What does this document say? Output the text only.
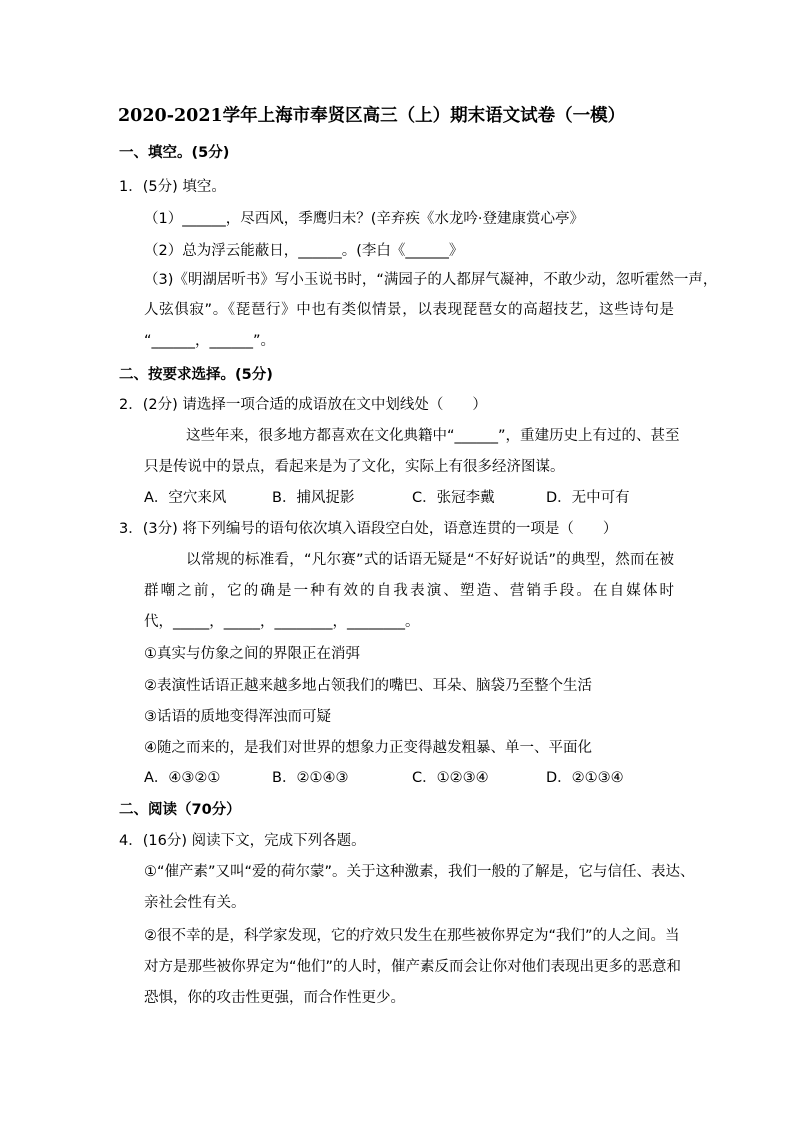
2020-2021学年上海市奉贤区高三（上）期末语文试卷（一模）
一、填空。(5分)
1．(5分) 填空。
（1）______，尽西风，季鹰归未？(辛弃疾《水龙吟·登建康赏心亭》
（2）总为浮云能蔽日，______。(李白《______》
（3)《明湖居听书》写小玉说书时，“满园子的人都屏气凝神，不敢少动，忽听霍然一声，
人弦俱寂”。《琵琶行》中也有类似情景，以表现琵琶女的高超技艺，这些诗句是
“______，______”。
二、按要求选择。(5分)
2．(2分) 请选择一项合适的成语放在文中划线处（　　）
这些年来，很多地方都喜欢在文化典籍中“______”，重建历史上有过的、甚至
只是传说中的景点，看起来是为了文化，实际上有很多经济图谋。
A．空穴来风	B．捕风捉影	C．张冠李戴	D．无中可有
3．(3分) 将下列编号的语句依次填入语段空白处，语意连贯的一项是（　　）
以常规的标准看，“凡尔赛”式的话语无疑是“不好好说话”的典型，然而在被
群嘲之前，它的确是一种有效的自我表演、塑造、营销手段。在自媒体时
代，_____，_____，________，________。
①真实与仿象之间的界限正在消弭
②表演性话语正越来越多地占领我们的嘴巴、耳朵、脑袋乃至整个生活
③话语的质地变得浑浊而可疑
④随之而来的，是我们对世界的想象力正变得越发粗暴、单一、平面化
A．④③②①	B．②①④③	C．①②③④	D．②①③④
二、阅读（70分）
4．(16分) 阅读下文，完成下列各题。
①“催产素”又叫“爱的荷尔蒙”。关于这种激素，我们一般的了解是，它与信任、表达、
亲社会性有关。
②很不幸的是，科学家发现，它的疗效只发生在那些被你界定为“我们”的人之间。当
对方是那些被你界定为“他们”的人时，催产素反而会让你对他们表现出更多的恶意和
恐惧，你的攻击性更强，而合作性更少。
